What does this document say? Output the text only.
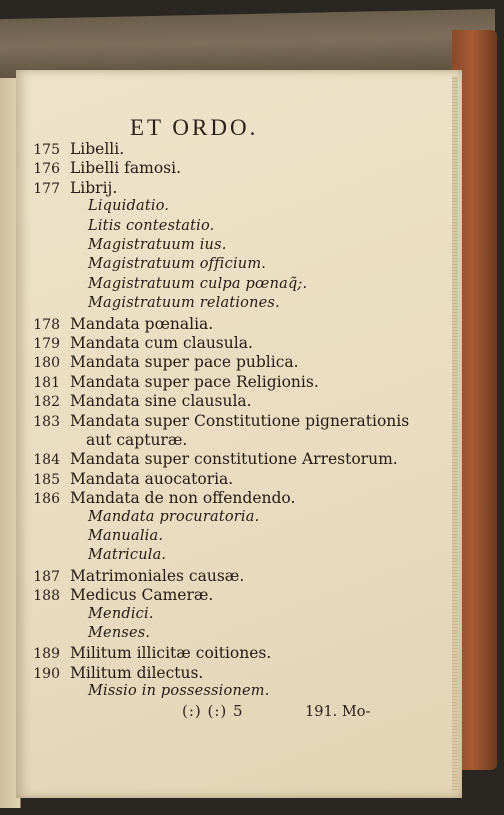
ET ORDO.
175 Libelli.
176 Libelli famosi.
177 Librij.
Liquidatio.
Litis contestatio.
Magistratuum ius.
Magistratuum officium.
Magistratuum culpa pœnaq̃;.
Magistratuum relationes.
178 Mandata pœnalia.
179 Mandata cum clausula.
180 Mandata super pace publica.
181 Mandata super pace Religionis.
182 Mandata sine clausula.
183 Mandata super Constitutione pignerationis
aut capturæ.
184 Mandata super constitutione Arrestorum.
185 Mandata auocatoria.
186 Mandata de non offendendo.
Mandata procuratoria.
Manualia.
Matricula.
187 Matrimoniales causæ.
188 Medicus Cameræ.
Mendici.
Menses.
189 Militum illicitæ coitiones.
190 Militum dilectus.
Missio in possessionem.
(:) (:) 5	191. Mo-
